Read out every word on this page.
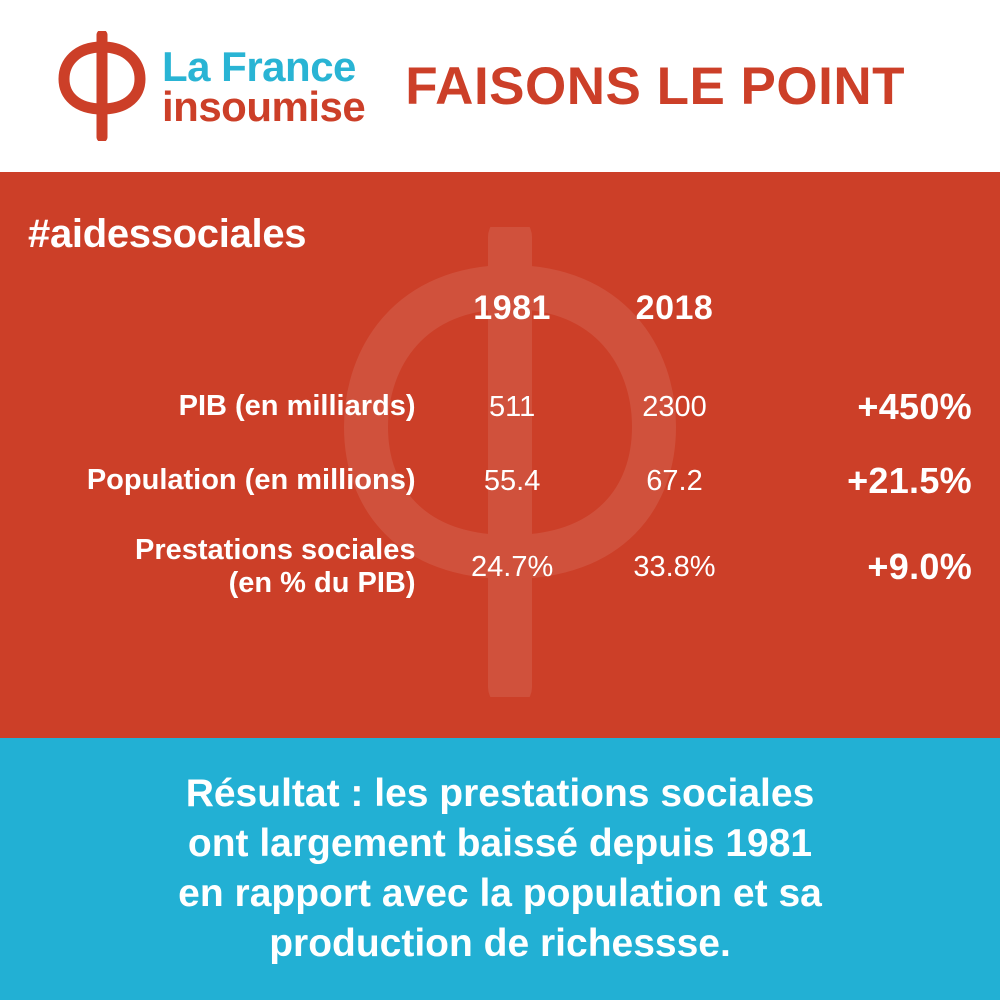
La France
insoumise FAISONS LE POINT
#aidessociales
	1981	2018	
PIB (en milliards)	511	2300	+450%
Population (en millions)	55.4	67.2	+21.5%

Prestations sociales
(en % du PIB)	24.7%	33.8%	+9.0%
Résultat : les prestations sociales
ont largement baissé depuis 1981
en rapport avec la population et sa
production de richessse.
